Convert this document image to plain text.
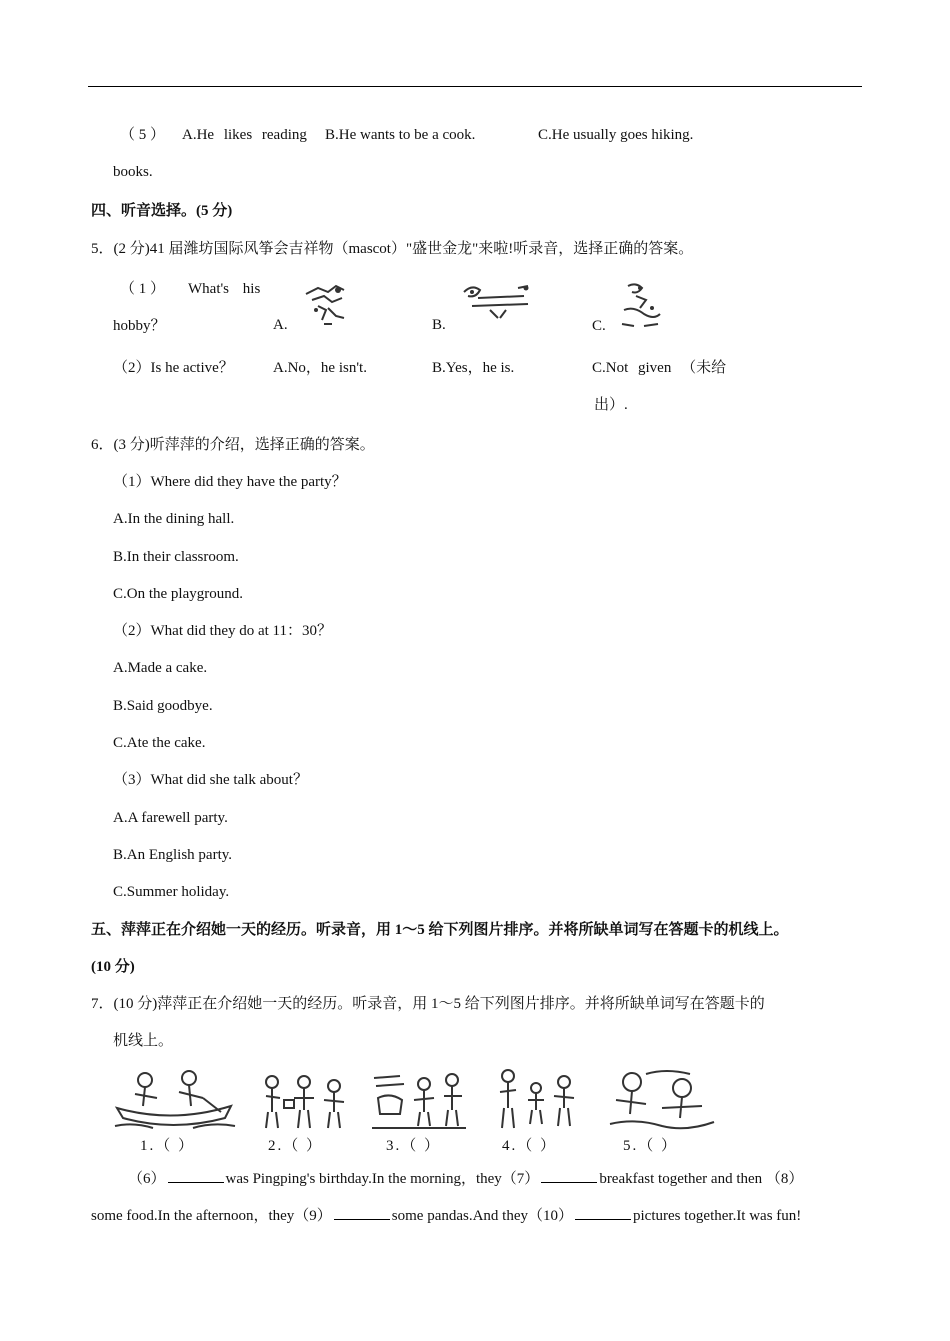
（ 5 ） A.He likes reading B.He wants to be a cook.	C.He usually goes hiking.
books.
四、听音选择。(5 分)
5．(2 分)41 届潍坊国际风筝会吉祥物（mascot）"盛世金龙"来啦!听录音，选择正确的答案。
（ 1 ） What's his
hobby？	A.	B.	C.
（2）Is he active？	A.No，he isn't.	B.Yes，he is.	C.Not given （未给
出）.
6．(3 分)听萍萍的介绍，选择正确的答案。
（1）Where did they have the party？
A.In the dining hall.
B.In their classroom.
C.On the playground.
（2）What did they do at 11：30？
A.Made a cake.
B.Said goodbye.
C.Ate the cake.
（3）What did she talk about？
A.A farewell party.
B.An English party.
C.Summer holiday.
五、萍萍正在介绍她一天的经历。听录音，用 1～5 给下列图片排序。并将所缺单词写在答题卡的机线上。
(10 分)
7．(10 分)萍萍正在介绍她一天的经历。听录音，用 1～5 给下列图片排序。并将所缺单词写在答题卡的
机线上。
1.（ ）	2.（ ）	3.（ ）	4.（ ）	5.（ ）
（6）	was Pingping's birthday.In the morning，they（7）	breakfast together and then （8）
some food.In the afternoon，they（9）	some pandas.And they（10）	pictures together.It was fun!
